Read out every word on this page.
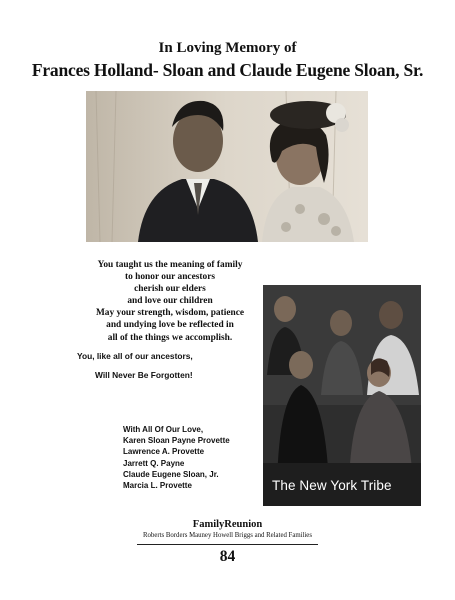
In Loving Memory of
Frances Holland- Sloan and Claude Eugene Sloan, Sr.
You taught us the meaning of family
to honor our ancestors
cherish our elders
and love our children
May your strength, wisdom, patience
and undying love be reflected in
all of the things we accomplish.
You, like all of our ancestors,
Will Never Be Forgotten!
With All Of Our Love,
Karen Sloan Payne Provette
Lawrence A. Provette
Jarrett Q. Payne
Claude Eugene Sloan, Jr.
Marcia L. Provette	The New York Tribe
FamilyReunion
Roberts Borders Mauney Howell Briggs and Related Families
84
